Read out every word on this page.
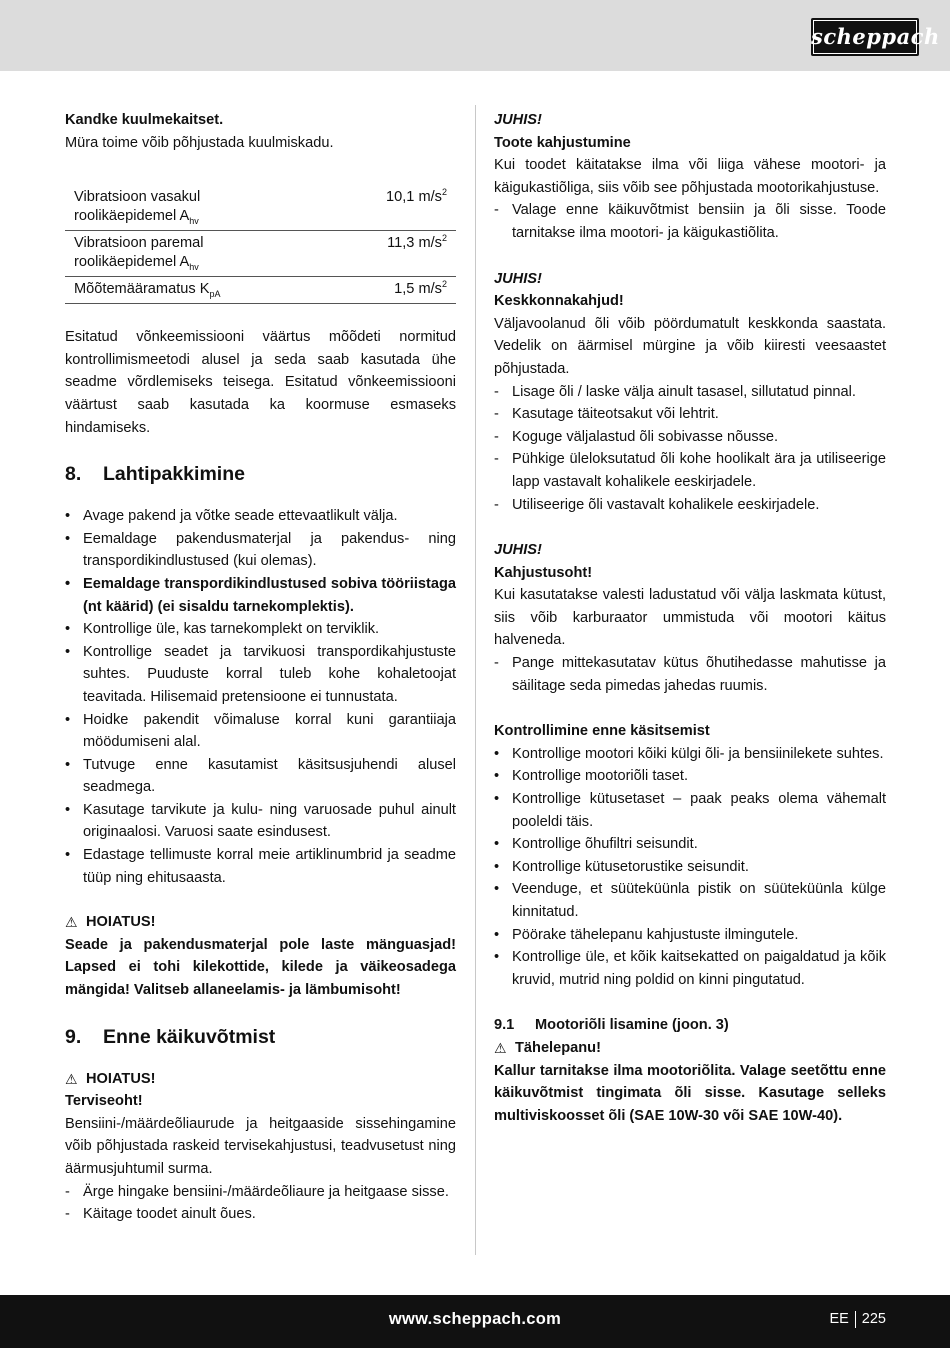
scheppach

Kandke kuulmekaitset.

Müra toime võib põhjustada kuulmiskadu.

Vibratsioon vasakul roolikäepidemel $A_{hv}$	10,1 $m/s^2$
Vibratsioon paremal roolikäepidemel $A_{hv}$	11,3 $m/s^2$
Mõõtemääramatus $K_{pA}$	1,5 $m/s^2$

Esitatud võnkeemissiooni väärtus mõõdeti normitud kontrollimismeetodi alusel ja seda saab kasutada ühe seadme võrdlemiseks teisega. Esitatud võnkeemissiooni väärtust saab kasutada ka koormuse esmaseks hindamiseks.

8.	Lahtipakkimine
• Avage pakend ja võtke seade ettevaatlikult välja.
• Eemaldage pakendusmaterjal ja pakendus- ning transpordikindlustused (kui olemas).
• Eemaldage transpordikindlustused sobiva tööriistaga (nt käärid) (ei sisaldu tarnekomplektis).
• Kontrollige üle, kas tarnekomplekt on terviklik.
• Kontrollige seadet ja tarvikuosi transpordikahjustuste suhtes. Puuduste korral tuleb kohe kohaletoojat teavitada. Hilisemaid pretensioone ei tunnustata.
• Hoidke pakendit võimaluse korral kuni garantiiaja möödumiseni alal.
• Tutvuge enne kasutamist käsitsusjuhendi alusel seadmega.
• Kasutage tarvikute ja kulu- ning varuosade puhul ainult originaalosi. Varuosi saate esindusest.
• Edastage tellimuste korral meie artiklinumbrid ja seadme tüüp ning ehitusaasta.
⚠ HOIATUS!

Seade ja pakendusmaterjal pole laste mänguasjad! Lapsed ei tohi kilekottide, kilede ja väikeosadega mängida! Valitseb allaneelamis- ja lämbumisoht!

9.	Enne käikuvõtmist
⚠ HOIATUS!

Terviseoht!

Bensiini-/määrdeõliaurude ja heitgaaside sissehingamine võib põhjustada raskeid tervisekahjustusi, teadvusetust ning äärmusjuhtumil surma.

- Ärge hingake bensiini-/määrdeõliaure ja heitgaase sisse.
- Käitage toodet ainult õues.

JUHIS!

Toote kahjustumine

Kui toodet käitatakse ilma või liiga vähese mootori- ja käigukastiõliga, siis võib see põhjustada mootorikahjustuse.

- Valage enne käikuvõtmist bensiin ja õli sisse. Toode tarnitakse ilma mootori- ja käigukastiõlita.

JUHIS!

Keskkonnakahjud!

Väljavoolanud õli võib pöördumatult keskkonda saastata. Vedelik on äärmisel mürgine ja võib kiiresti veesaastet põhjustada.

- Lisage õli / laske välja ainult tasasel, sillutatud pinnal.
- Kasutage täiteotsakut või lehtrit.
- Koguge väljalastud õli sobivasse nõusse.
- Pühkige üleloksutatud õli kohe hoolikalt ära ja utiliseerige lapp vastavalt kohalikele eeskirjadele.
- Utiliseerige õli vastavalt kohalikele eeskirjadele.

JUHIS!

Kahjustusoht!

Kui kasutatakse valesti ladustatud või välja laskmata kütust, siis võib karburaator ummistuda või mootori käitus halveneda.

- Pange mittekasutatav kütus õhutihedasse mahutisse ja säilitage seda pimedas jahedas ruumis.

Kontrollimine enne käsitsemist

• Kontrollige mootori kõiki külgi õli- ja bensiinilekete suhtes.
• Kontrollige mootoriõli taset.
• Kontrollige kütusetaset – paak peaks olema vähemalt pooleldi täis.
• Kontrollige õhufiltri seisundit.
• Kontrollige kütusetorustike seisundit.
• Veenduge, et süüteküünla pistik on süüteküünla külge kinnitatud.
• Pöörake tähelepanu kahjustuste ilmingutele.
• Kontrollige üle, et kõik kaitsekatted on paigaldatud ja kõik kruvid, mutrid ning poldid on kinni pingutatud.
9.1	Mootoriõli lisamine (joon. 3)
⚠ Tähelepanu!

Kallur tarnitakse ilma mootoriõlita. Valage seetõttu enne käikuvõtmist tingimata õli sisse. Kasutage selleks multiviskoosset õli (SAE 10W-30 või SAE 10W-40).

www.scheppach.com	EE 225
